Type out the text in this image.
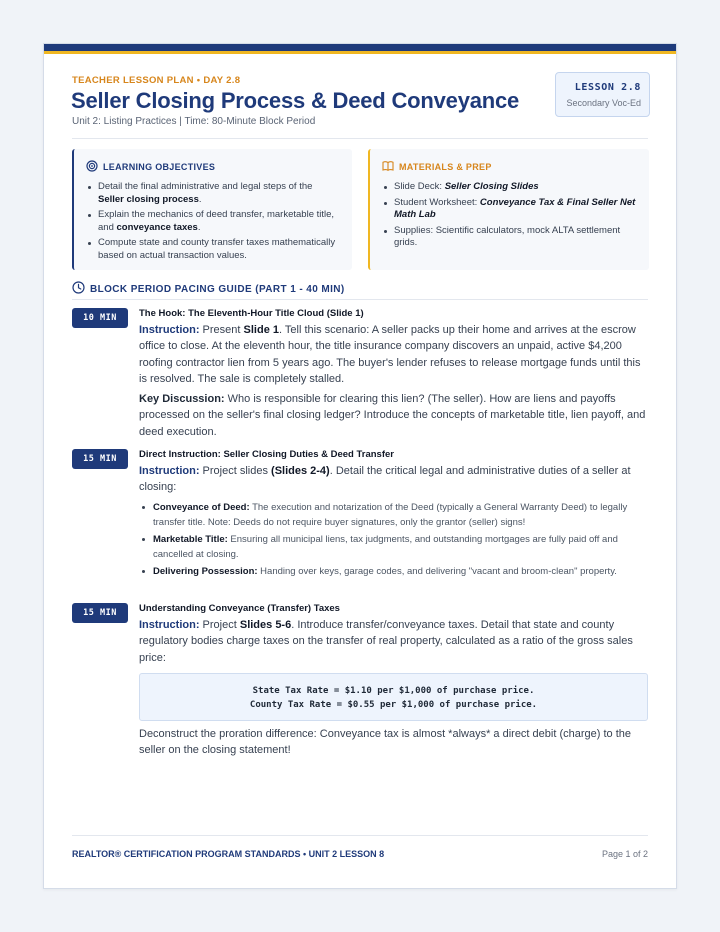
TEACHER LESSON PLAN • DAY 2.8
Seller Closing Process & Deed Conveyance
Unit 2: Listing Practices | Time: 80-Minute Block Period
LESSON 2.8
Secondary Voc-Ed
LEARNING OBJECTIVES
Detail the final administrative and legal steps of the Seller closing process.
Explain the mechanics of deed transfer, marketable title, and conveyance taxes.
Compute state and county transfer taxes mathematically based on actual transaction values.
MATERIALS & PREP
Slide Deck: Seller Closing Slides
Student Worksheet: Conveyance Tax & Final Seller Net Math Lab
Supplies: Scientific calculators, mock ALTA settlement grids.
BLOCK PERIOD PACING GUIDE (PART 1 - 40 MIN)
10 MIN	The Hook: The Eleventh-Hour Title Cloud (Slide 1)

Instruction: Present Slide 1. Tell this scenario: A seller packs up their home and arrives at the escrow office to close. At the eleventh hour, the title insurance company discovers an unpaid, active $4,200 roofing contractor lien from 5 years ago. The buyer's lender refuses to release mortgage funds until this is resolved. The sale is completely stalled.

Key Discussion: Who is responsible for clearing this lien? (The seller). How are liens and payoffs processed on the seller's final closing ledger? Introduce the concepts of marketable title, lien payoff, and deed execution.

15 MIN	Direct Instruction: Seller Closing Duties & Deed Transfer

Instruction: Project slides (Slides 2-4). Detail the critical legal and administrative duties of a seller at closing:

Conveyance of Deed: The execution and notarization of the Deed (typically a General Warranty Deed) to legally transfer title. Note: Deeds do not require buyer signatures, only the grantor (seller) signs!
Marketable Title: Ensuring all municipal liens, tax judgments, and outstanding mortgages are fully paid off and cancelled at closing.
Delivering Possession: Handing over keys, garage codes, and delivering "vacant and broom-clean" property.
15 MIN	Understanding Conveyance (Transfer) Taxes

Instruction: Project Slides 5-6. Introduce transfer/conveyance taxes. Detail that state and county regulatory bodies charge taxes on the transfer of real property, calculated as a ratio of the gross sales price:

State Tax Rate = $1.10 per $1,000 of purchase price.
County Tax Rate = $0.55 per $1,000 of purchase price.

Deconstruct the proration difference: Conveyance tax is almost *always* a direct debit (charge) to the seller on the closing statement!

REALTOR® CERTIFICATION PROGRAM STANDARDS • UNIT 2 LESSON 8	Page 1 of 2
